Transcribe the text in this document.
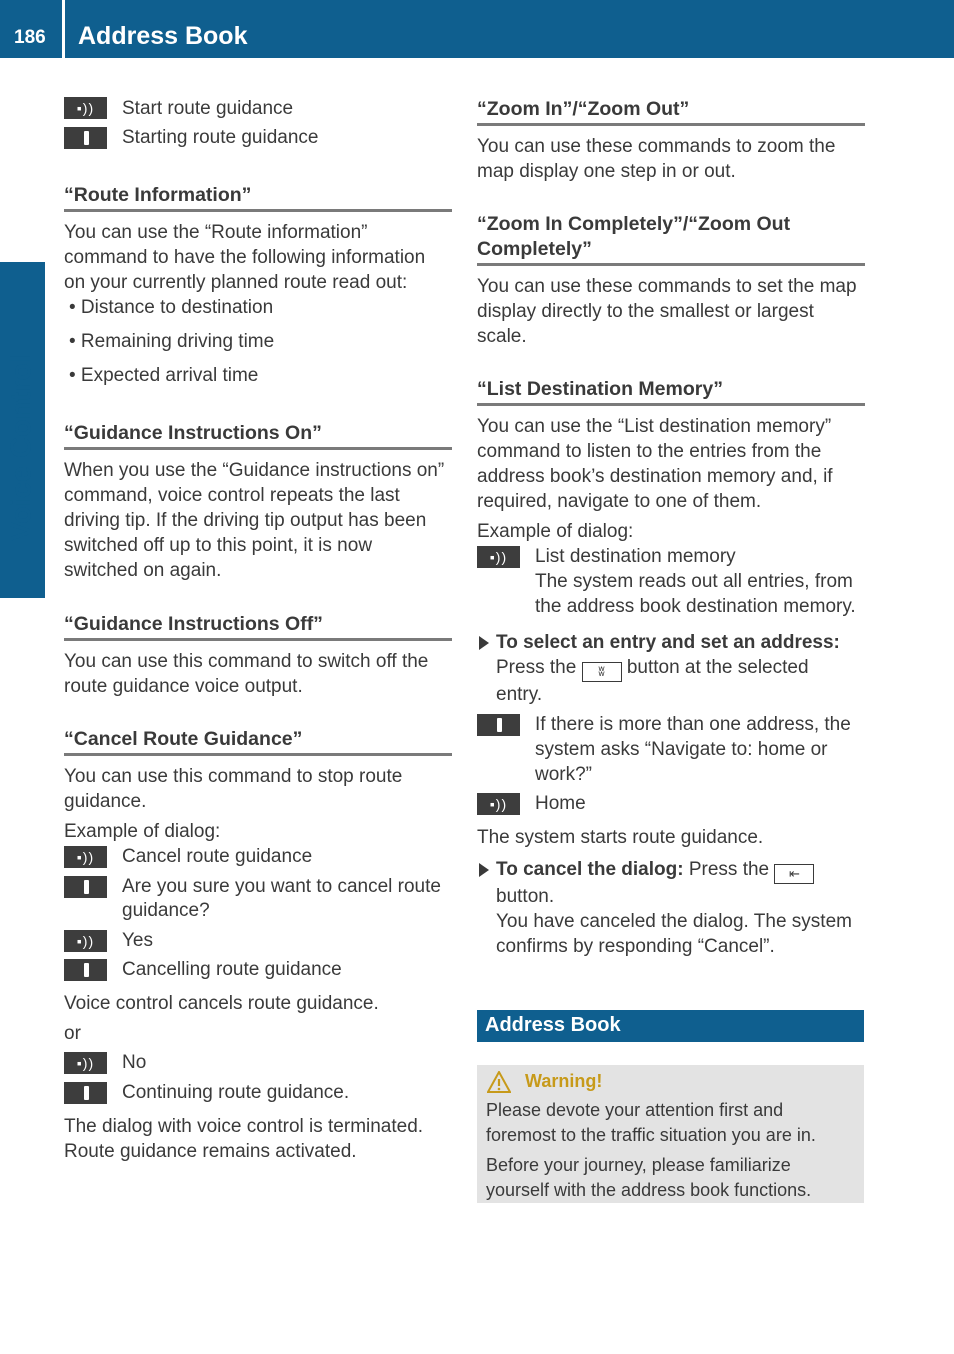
186 Address Book
Voice Control
▪))	Start route guidance
Starting route guidance
“Route Information”
You can use the “Route information”
command to have the following information
on your currently planned route read out:
• Distance to destination
• Remaining driving time
• Expected arrival time
“Guidance Instructions On”
When you use the “Guidance instructions on”
command, voice control repeats the last
driving tip. If the driving tip output has been
switched off up to this point, it is now
switched on again.
“Guidance Instructions Off”
You can use this command to switch off the
route guidance voice output.
“Cancel Route Guidance”
You can use this command to stop route
guidance.
Example of dialog:
▪))	Cancel route guidance
Are you sure you want to cancel route
guidance?
▪))	Yes
Cancelling route guidance
Voice control cancels route guidance.
or
▪))	No
Continuing route guidance.
The dialog with voice control is terminated.
Route guidance remains activated.
“Zoom In”/“Zoom Out”
You can use these commands to zoom the
map display one step in or out.
“Zoom In Completely”/“Zoom Out
Completely”
You can use these commands to set the map
display directly to the smallest or largest
scale.
“List Destination Memory”
You can use the “List destination memory”
command to listen to the entries from the
address book’s destination memory and, if
required, navigate to one of them.
Example of dialog:
▪))	List destination memory
The system reads out all entries, from
the address book destination memory.
To select an entry and set an address:
Press the ʬ button at the selected
entry.
If there is more than one address, the
system asks “Navigate to: home or
work?”
▪))	Home
The system starts route guidance.
To cancel the dialog: Press the ⇤
button.
You have canceled the dialog. The system
confirms by responding “Cancel”.
Address Book
Warning!
Please devote your attention first and
foremost to the traffic situation you are in.
Before your journey, please familiarize
yourself with the address book functions.
